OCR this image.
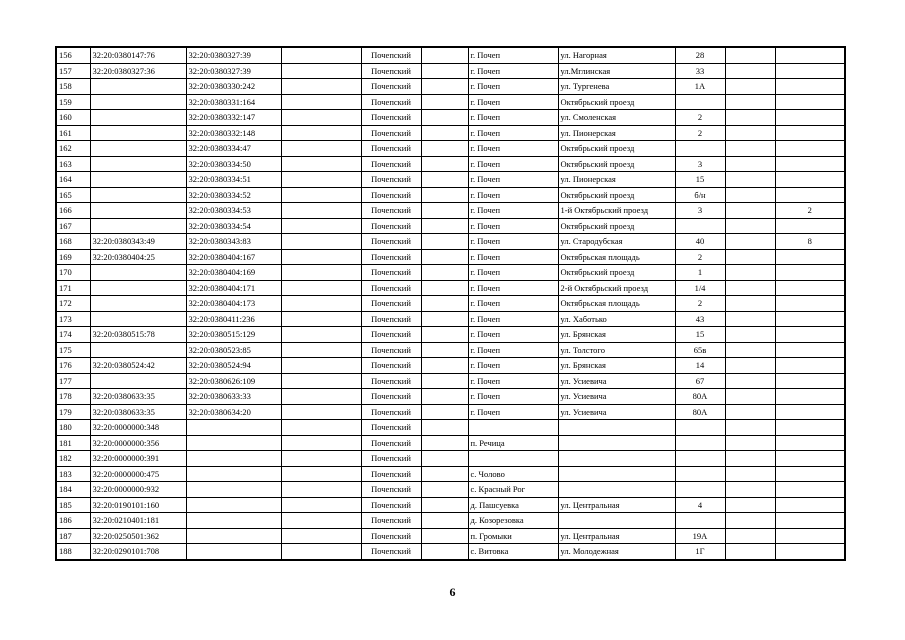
156	32:20:0380147:76	32:20:0380327:39		Почепский		г. Почеп	ул. Нагорная	28		
157	32:20:0380327:36	32:20:0380327:39		Почепский		г. Почеп	ул.Мглинская	33		
158		32:20:0380330:242		Почепский		г. Почеп	ул. Тургенева	1А		
159		32:20:0380331:164		Почепский		г. Почеп	Октябрьский проезд			
160		32:20:0380332:147		Почепский		г. Почеп	ул. Смоленская	2		
161		32:20:0380332:148		Почепский		г. Почеп	ул. Пионерская	2		
162		32:20:0380334:47		Почепский		г. Почеп	Октябрьский проезд			
163		32:20:0380334:50		Почепский		г. Почеп	Октябрьский проезд	3		
164		32:20:0380334:51		Почепский		г. Почеп	ул. Пионерская	15		
165		32:20:0380334:52		Почепский		г. Почеп	Октябрьский проезд	б/н		
166		32:20:0380334:53		Почепский		г. Почеп	1-й Октябрьский проезд	3		2
167		32:20:0380334:54		Почепский		г. Почеп	Октябрьский проезд			
168	32:20:0380343:49	32:20:0380343:83		Почепский		г. Почеп	ул. Стародубская	40		8
169	32:20:0380404:25	32:20:0380404:167		Почепский		г. Почеп	Октябрьская площадь	2		
170		32:20:0380404:169		Почепский		г. Почеп	Октябрьский проезд	1		
171		32:20:0380404:171		Почепский		г. Почеп	2-й Октябрьский проезд	1/4		
172		32:20:0380404:173		Почепский		г. Почеп	Октябрьская площадь	2		
173		32:20:0380411:236		Почепский		г. Почеп	ул. Хаботько	43		
174	32:20:0380515:78	32:20:0380515:129		Почепский		г. Почеп	ул. Брянская	15		
175		32:20:0380523:85		Почепский		г. Почеп	ул. Толстого	65в		
176	32:20:0380524:42	32:20:0380524:94		Почепский		г. Почеп	ул. Брянская	14		
177		32:20:0380626:109		Почепский		г. Почеп	ул. Усиевича	67		
178	32:20:0380633:35	32:20:0380633:33		Почепский		г. Почеп	ул. Усиевича	80А		
179	32:20:0380633:35	32:20:0380634:20		Почепский		г. Почеп	ул. Усиевича	80А		
180	32:20:0000000:348			Почепский						
181	32:20:0000000:356			Почепский		п. Речица				
182	32:20:0000000:391			Почепский						
183	32:20:0000000:475			Почепский		с. Чолово				
184	32:20:0000000:932			Почепский		с. Красный Рог				
185	32:20:0190101:160			Почепский		д. Пашсуевка	ул. Центральная	4		
186	32:20:0210401:181			Почепский		д. Козорезовка				
187	32:20:0250501:362			Почепский		п. Громыки	ул. Центральная	19А		
188	32:20:0290101:708			Почепский		с. Витовка	ул. Молодежная	1Г		
6
